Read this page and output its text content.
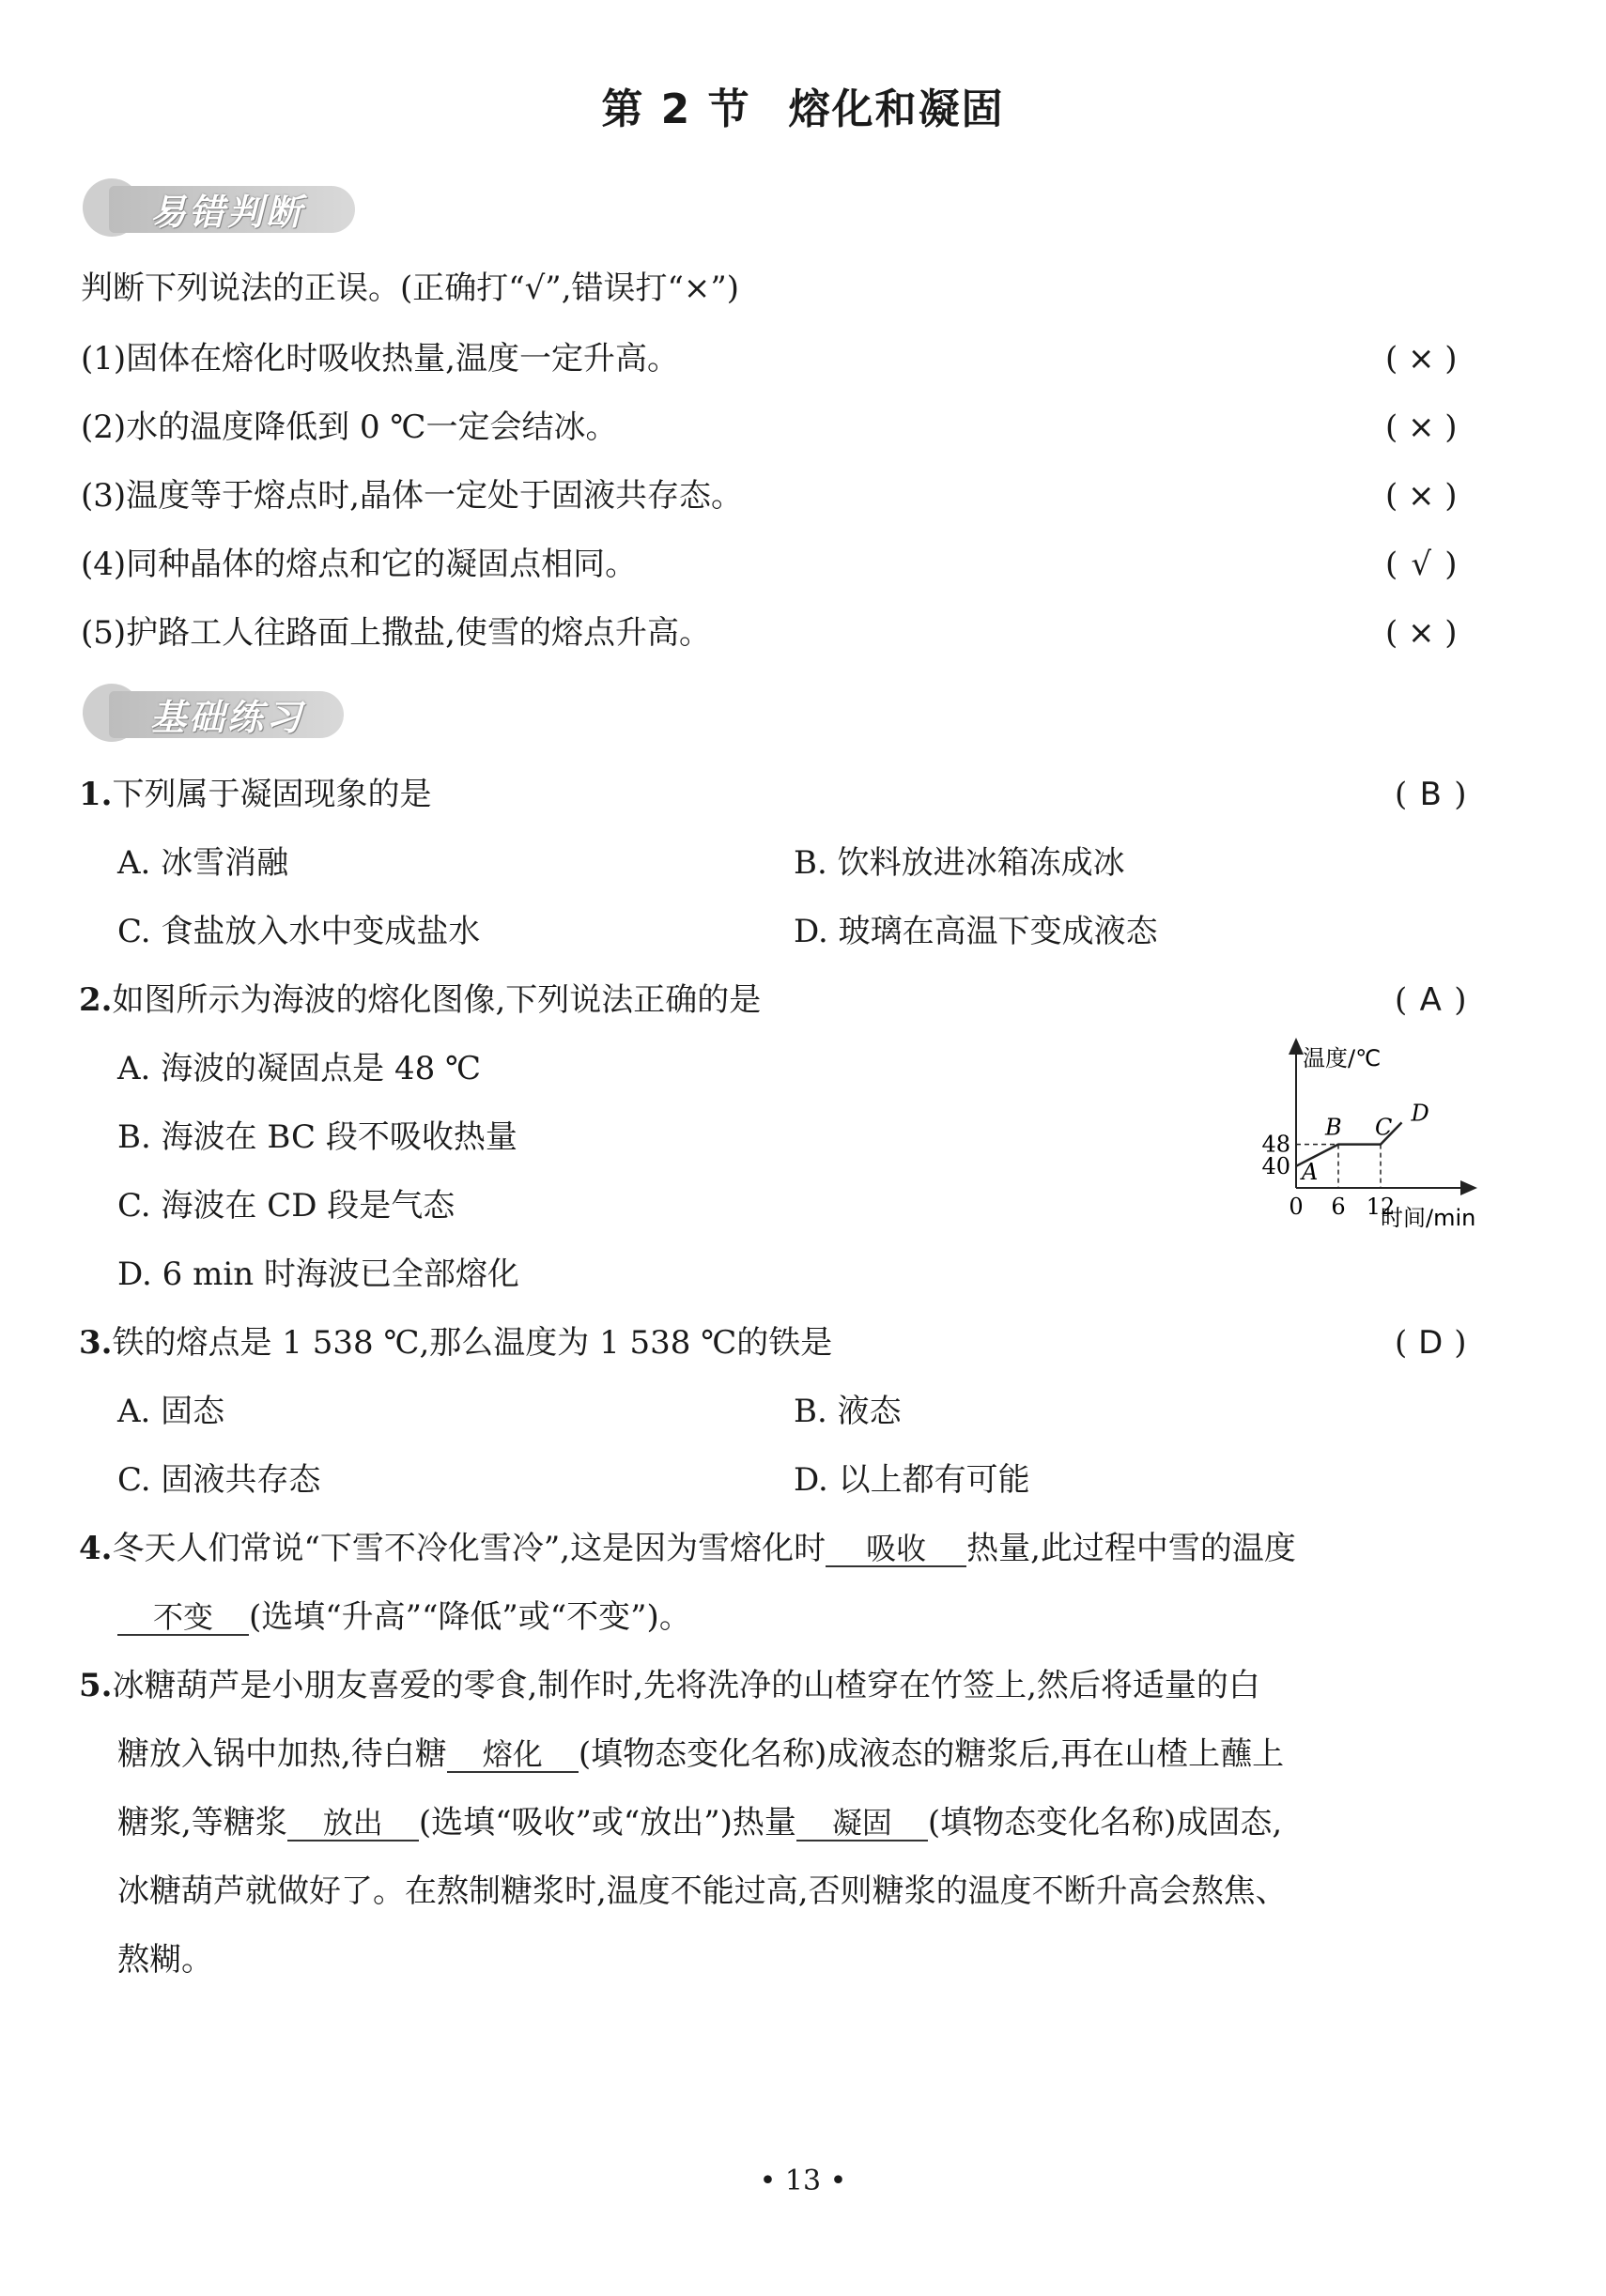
第 2 节 熔化和凝固
易错判断
判断下列说法的正误。(正确打“√”,错误打“×”)
(1)固体在熔化时吸收热量,温度一定升高。	( × )
(2)水的温度降低到 0 ℃一定会结冰。	( × )
(3)温度等于熔点时,晶体一定处于固液共存态。	( × )
(4)同种晶体的熔点和它的凝固点相同。	( √ )
(5)护路工人往路面上撒盐,使雪的熔点升高。	( × )
基础练习
1.下列属于凝固现象的是	( B )
A. 冰雪消融	B. 饮料放进冰箱冻成冰
C. 食盐放入水中变成盐水	D. 玻璃在高温下变成液态
2.如图所示为海波的熔化图像,下列说法正确的是	( A )
A. 海波的凝固点是 48 ℃
B. 海波在 BC 段不吸收热量
C. 海波在 CD 段是气态
D. 6 min 时海波已全部熔化
温度/℃
时间/min
40
48
0 6 12
A
B C
D
3.铁的熔点是 1 538 ℃,那么温度为 1 538 ℃的铁是	( D )
A. 固态	B. 液态
C. 固液共存态	D. 以上都有可能
4.冬天人们常说“下雪不冷化雪冷”,这是因为雪熔化时 吸收 热量,此过程中雪的温度
不变 (选填“升高”“降低”或“不变”)。
5.冰糖葫芦是小朋友喜爱的零食,制作时,先将洗净的山楂穿在竹签上,然后将适量的白
糖放入锅中加热,待白糖 熔化 (填物态变化名称)成液态的糖浆后,再在山楂上蘸上
糖浆,等糖浆 放出 (选填“吸收”或“放出”)热量 凝固 (填物态变化名称)成固态,
冰糖葫芦就做好了。在熬制糖浆时,温度不能过高,否则糖浆的温度不断升高会熬焦、
熬糊。
• 13 •
